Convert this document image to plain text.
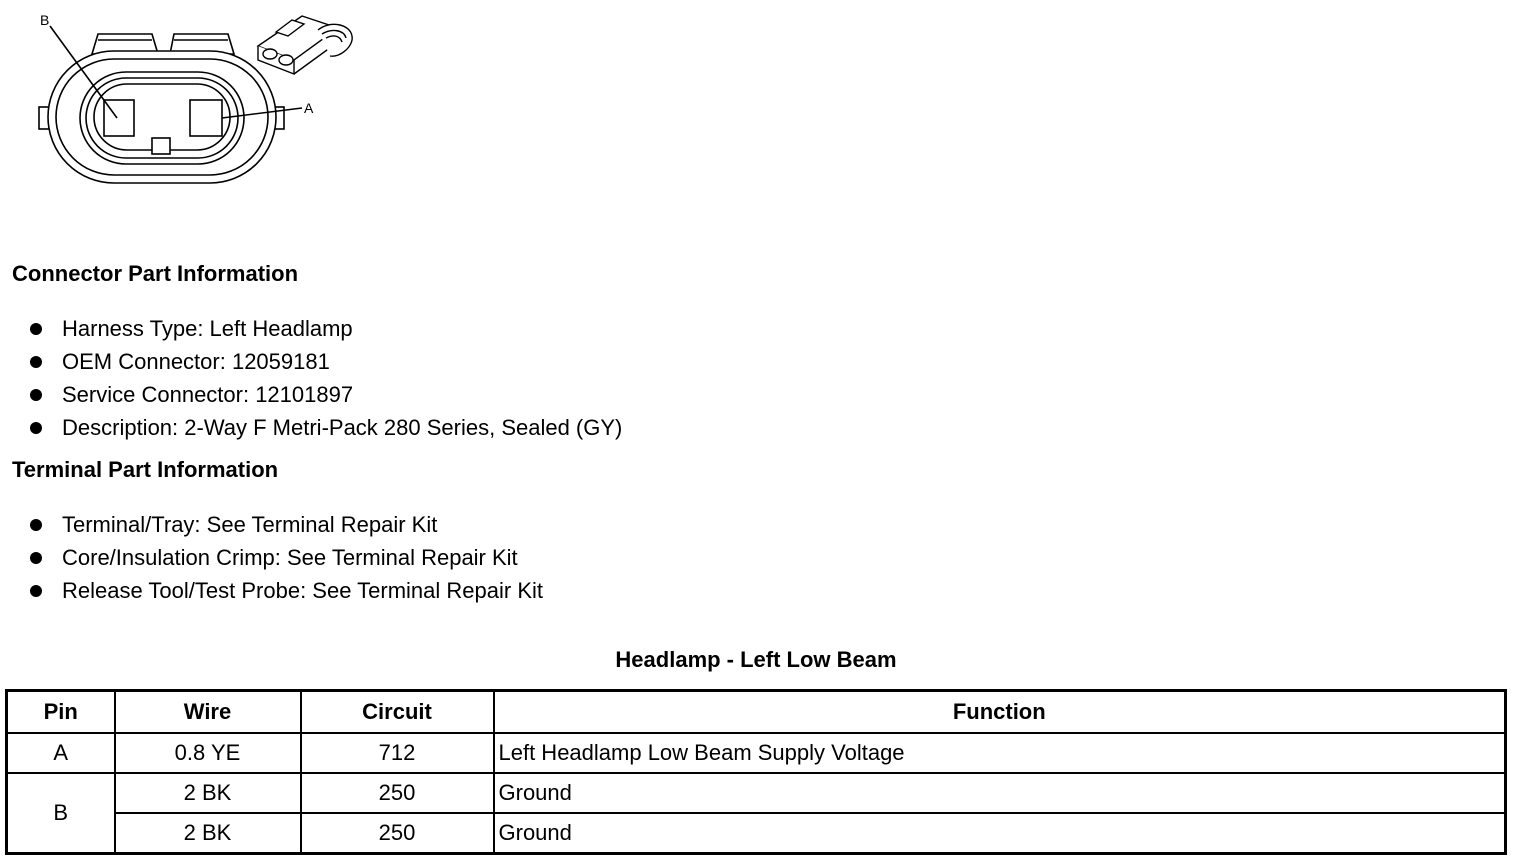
B
A
Connector Part Information
Harness Type: Left Headlamp
OEM Connector: 12059181
Service Connector: 12101897
Description: 2-Way F Metri-Pack 280 Series, Sealed (GY)
Terminal Part Information
Terminal/Tray: See Terminal Repair Kit
Core/Insulation Crimp: See Terminal Repair Kit
Release Tool/Test Probe: See Terminal Repair Kit
Headlamp - Left Low Beam
Pin	Wire	Circuit	Function
A	0.8 YE	712	Left Headlamp Low Beam Supply Voltage
B	2 BK	250	Ground
	2 BK	250	Ground
